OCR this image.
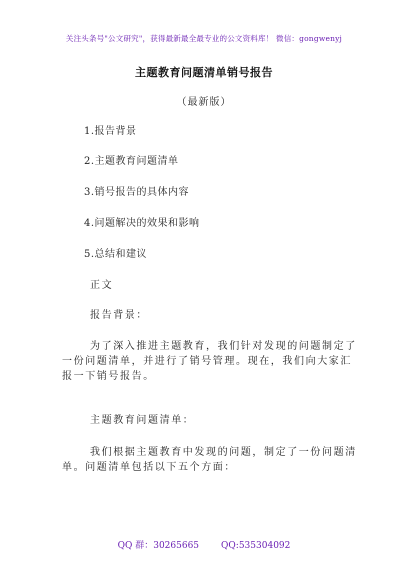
关注头条号"公文研究"，获得最新最全最专业的公文资料库！ 微信：gongwenyj
主题教育问题清单销号报告
（最新版）
1.报告背景
2.主题教育问题清单
3.销号报告的具体内容
4.问题解决的效果和影响
5.总结和建议
正文
报告背景：
为了深入推进主题教育，我们针对发现的问题制定了
一份问题清单，并进行了销号管理。现在，我们向大家汇
报一下销号报告。
主题教育问题清单：
我们根据主题教育中发现的问题，制定了一份问题清
单。问题清单包括以下五个方面：
QQ 群：30265665 QQ:535304092
